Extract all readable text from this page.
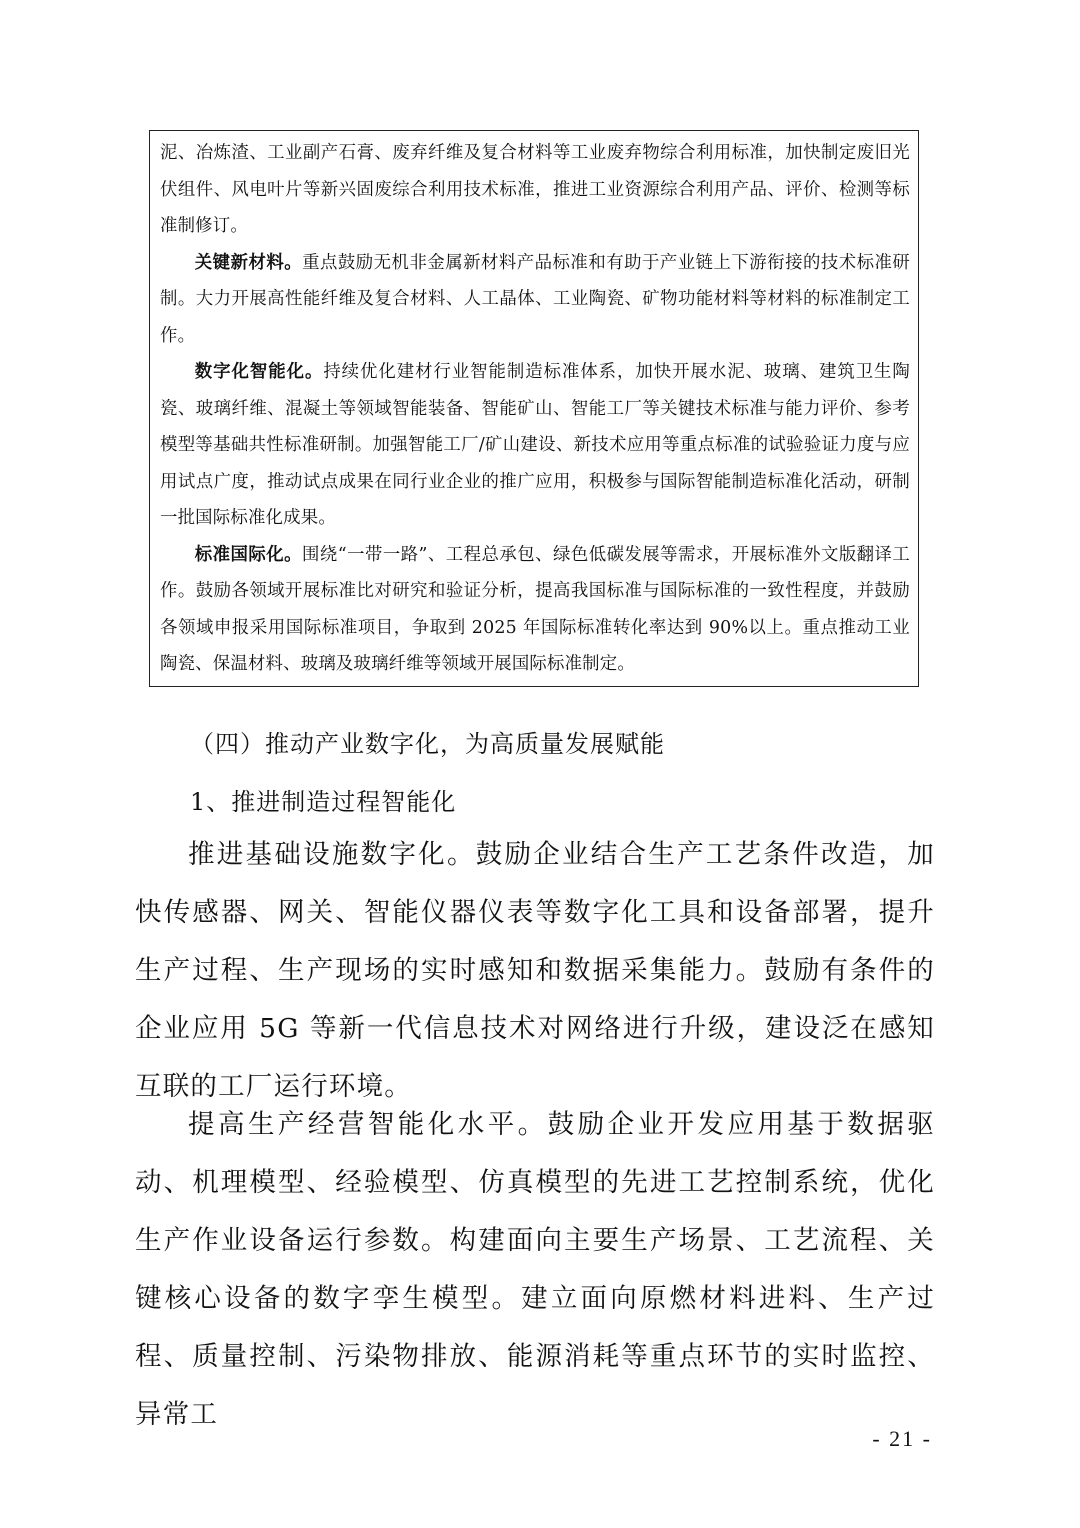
泥、冶炼渣、工业副产石膏、废弃纤维及复合材料等工业废弃物综合利用标准，加快制定废旧光伏组件、风电叶片等新兴固废综合利用技术标准，推进工业资源综合利用产品、评价、检测等标准制修订。

关键新材料。重点鼓励无机非金属新材料产品标准和有助于产业链上下游衔接的技术标准研制。大力开展高性能纤维及复合材料、人工晶体、工业陶瓷、矿物功能材料等材料的标准制定工作。

数字化智能化。持续优化建材行业智能制造标准体系，加快开展水泥、玻璃、建筑卫生陶瓷、玻璃纤维、混凝土等领域智能装备、智能矿山、智能工厂等关键技术标准与能力评价、参考模型等基础共性标准研制。加强智能工厂/矿山建设、新技术应用等重点标准的试验验证力度与应用试点广度，推动试点成果在同行业企业的推广应用，积极参与国际智能制造标准化活动，研制一批国际标准化成果。

标准国际化。围绕“一带一路”、工程总承包、绿色低碳发展等需求，开展标准外文版翻译工作。鼓励各领域开展标准比对研究和验证分析，提高我国标准与国际标准的一致性程度，并鼓励各领域申报采用国际标准项目，争取到 2025 年国际标准转化率达到 90%以上。重点推动工业陶瓷、保温材料、玻璃及玻璃纤维等领域开展国际标准制定。

（四）推动产业数字化，为高质量发展赋能
1、推进制造过程智能化

推进基础设施数字化。鼓励企业结合生产工艺条件改造，加快传感器、网关、智能仪器仪表等数字化工具和设备部署，提升生产过程、生产现场的实时感知和数据采集能力。鼓励有条件的企业应用 5G 等新一代信息技术对网络进行升级，建设泛在感知互联的工厂运行环境。

提高生产经营智能化水平。鼓励企业开发应用基于数据驱动、机理模型、经验模型、仿真模型的先进工艺控制系统，优化生产作业设备运行参数。构建面向主要生产场景、工艺流程、关键核心设备的数字孪生模型。建立面向原燃材料进料、生产过程、质量控制、污染物排放、能源消耗等重点环节的实时监控、异常工

- 21 -
